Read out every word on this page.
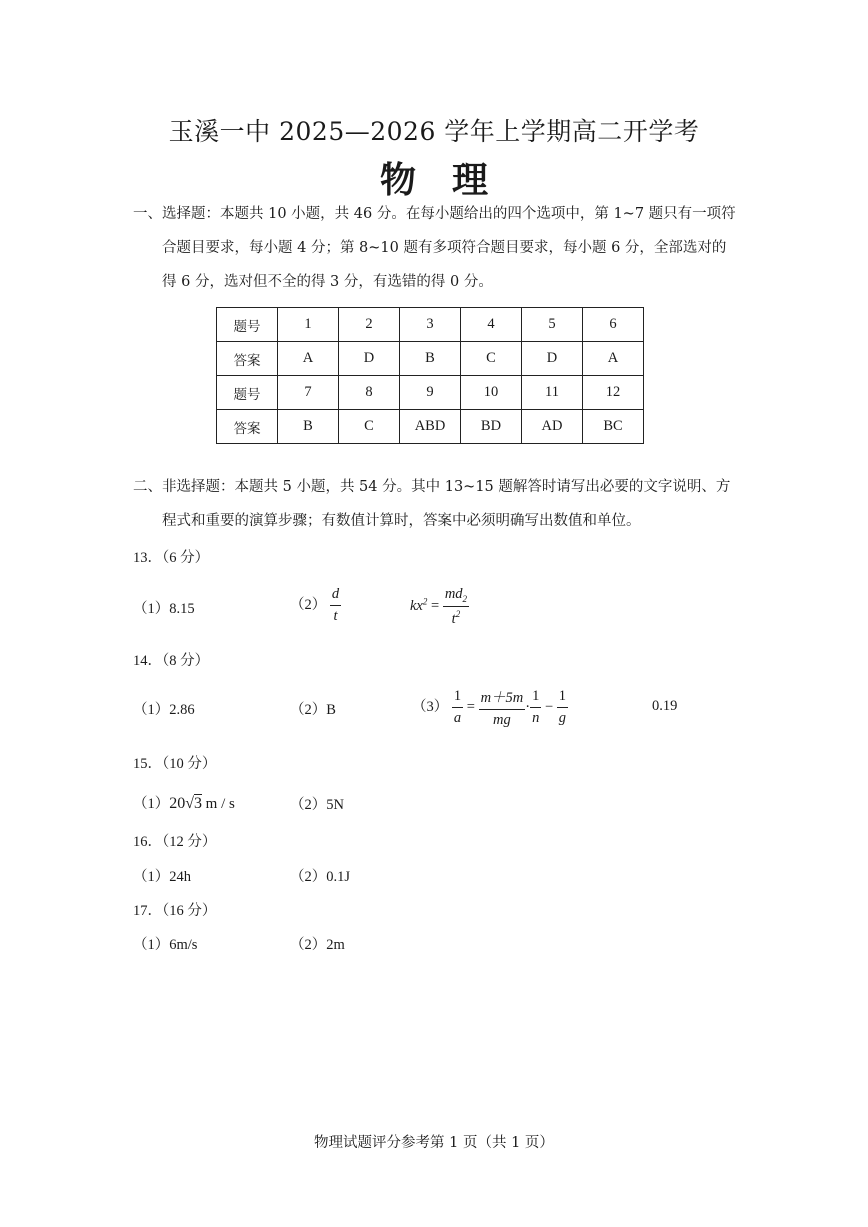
玉溪一中 2025—2026 学年上学期高二开学考
物　理
一、选择题：本题共 10 小题，共 46 分。在每小题给出的四个选项中，第 1~7 题只有一项符
合题目要求，每小题 4 分；第 8~10 题有多项符合题目要求，每小题 6 分，全部选对的
得 6 分，选对但不全的得 3 分，有选错的得 0 分。
题号	1	2	3	4	5	6
答案	A	D	B	C	D	A
题号	7	8	9	10	11	12
答案	B	C	ABD	BD	AD	BC
二、非选择题：本题共 5 小题，共 54 分。其中 13~15 题解答时请写出必要的文字说明、方
程式和重要的演算步骤；有数值计算时，答案中必须明确写出数值和单位。
13．（6 分）
（1）8.15	$(2) \frac{d}{t}$	$kx^2 = \frac{md_2}{t^2}$
14．（8 分）
（1）2.86	（2）B	$(3) \frac{1}{a} = \frac{m+5m}{mg} \cdot \frac{1}{n} - \frac{1}{g}$	0.19
15．（10 分）
（1）20√3 m / s	（2）5N
16．（12 分）
（1）24h	（2）0.1J
17．（16 分）
（1）6m/s	（2）2m
物理试题评分参考第 1 页（共 1 页）
